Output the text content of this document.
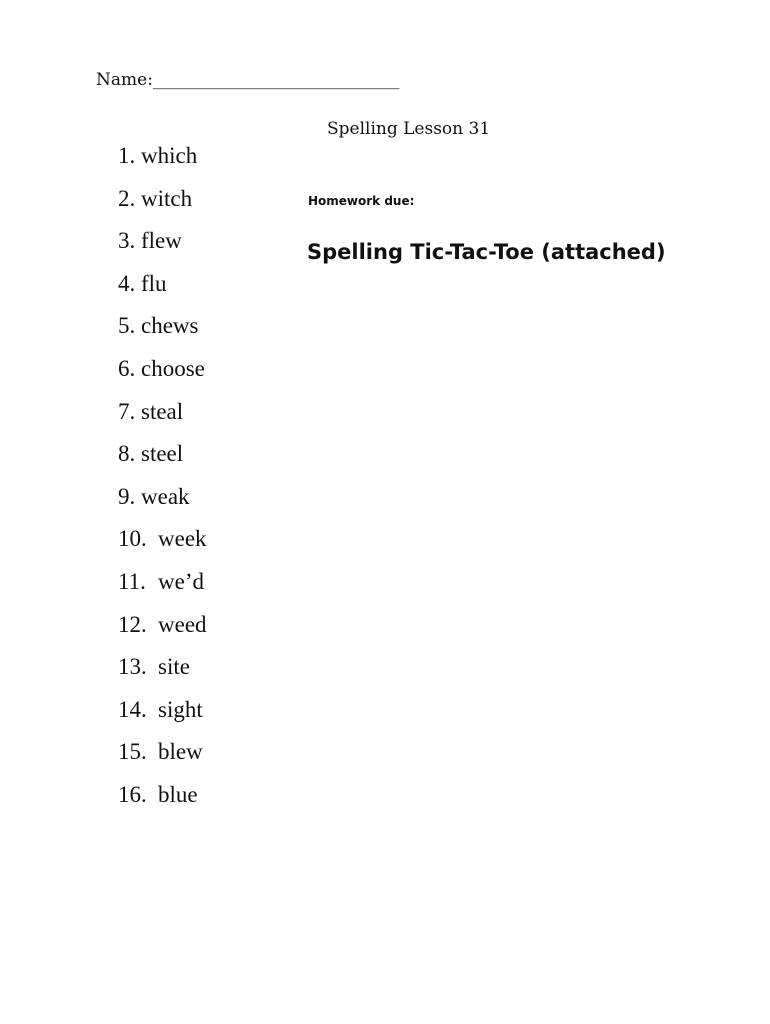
Name:_____________________________
Spelling Lesson 31
Homework due:
Spelling Tic-Tac-Toe (attached)
1. which
2. witch
3. flew
4. flu
5. chews
6. choose
7. steal
8. steel
9. weak
10. week
11. we’d
12. weed
13. site
14. sight
15. blew
16. blue
